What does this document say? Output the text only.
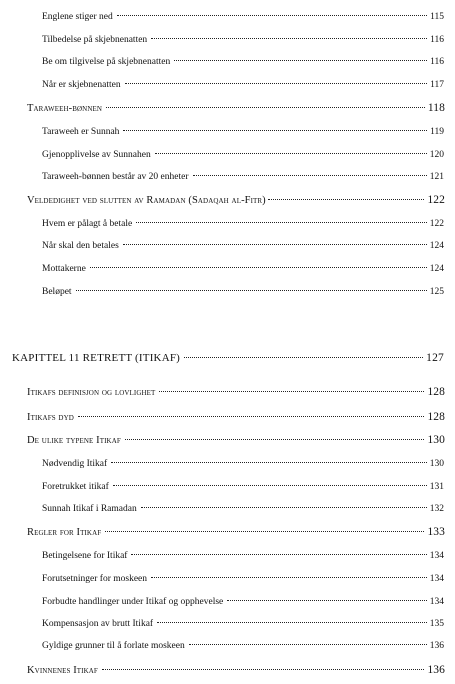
Englene stiger ned	115
Tilbedelse på skjebnenatten	116
Be om tilgivelse på skjebnenatten	116
Når er skjebnenatten	117
Taraweeh-bønnen	118
Taraweeh er Sunnah	119
Gjenopplivelse av Sunnahen	120
Taraweeh-bønnen består av 20 enheter	121
Veldedighet ved slutten av Ramadan (Sadaqah al-Fitr)	122
Hvem er pålagt å betale	122
Når skal den betales	124
Mottakerne	124
Beløpet	125
KAPITTEL 11 RETRETT (ITIKAF)	127
Itikafs definisjon og lovlighet	128
Itikafs dyd	128
De ulike typene Itikaf	130
Nødvendig Itikaf	130
Foretrukket itikaf	131
Sunnah Itikaf i Ramadan	132
Regler for Itikaf	133
Betingelsene for Itikaf	134
Forutsetninger for moskeen	134
Forbudte handlinger under Itikaf og opphevelse	134
Kompensasjon av brutt Itikaf	135
Gyldige grunner til å forlate moskeen	136
Kvinnenes Itikaf	136
